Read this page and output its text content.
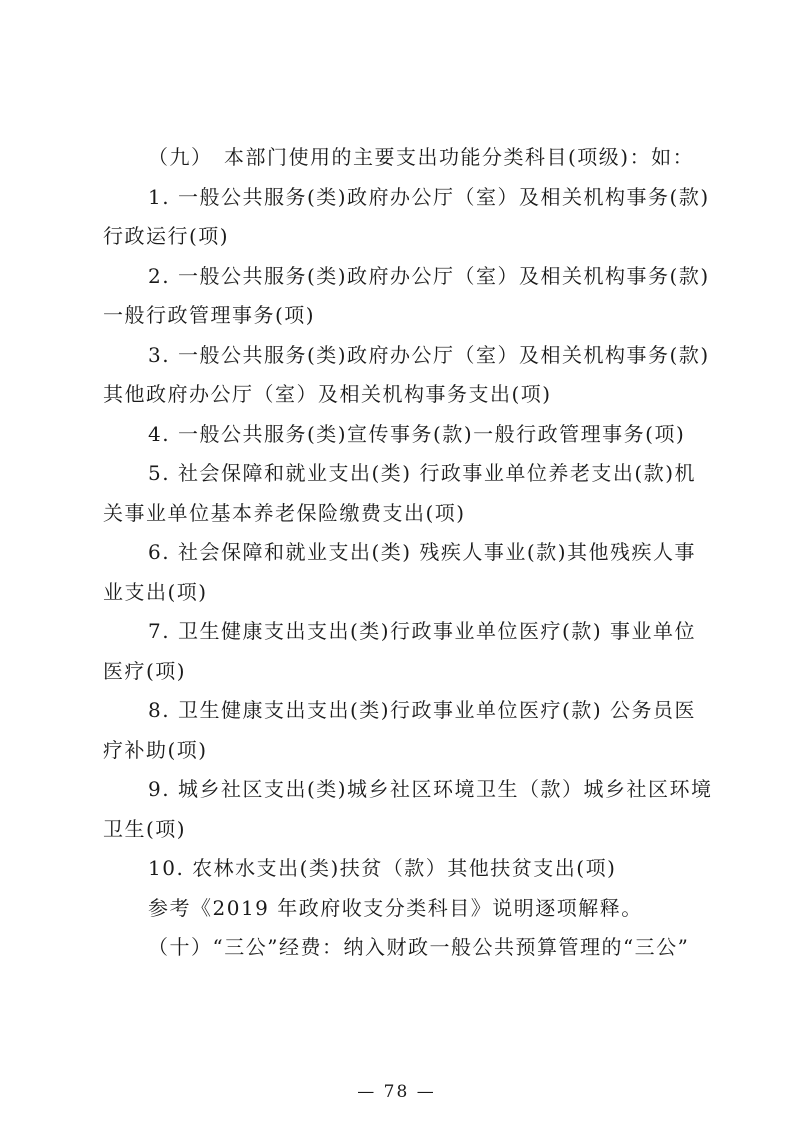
（九）　本部门使用的主要支出功能分类科目(项级)：如：
1. 一般公共服务(类)政府办公厅（室）及相关机构事务(款)
行政运行(项)
2. 一般公共服务(类)政府办公厅（室）及相关机构事务(款)
一般行政管理事务(项)
3. 一般公共服务(类)政府办公厅（室）及相关机构事务(款)
其他政府办公厅（室）及相关机构事务支出(项)
4. 一般公共服务(类)宣传事务(款)一般行政管理事务(项)
5. 社会保障和就业支出(类) 行政事业单位养老支出(款)机
关事业单位基本养老保险缴费支出(项)
6. 社会保障和就业支出(类) 残疾人事业(款)其他残疾人事
业支出(项)
7. 卫生健康支出支出(类)行政事业单位医疗(款) 事业单位
医疗(项)
8. 卫生健康支出支出(类)行政事业单位医疗(款) 公务员医
疗补助(项)
9. 城乡社区支出(类)城乡社区环境卫生（款）城乡社区环境
卫生(项)
10. 农林水支出(类)扶贫（款）其他扶贫支出(项)
参考《2019 年政府收支分类科目》说明逐项解释。
（十）“三公”经费：纳入财政一般公共预算管理的“三公”
— 78 —
